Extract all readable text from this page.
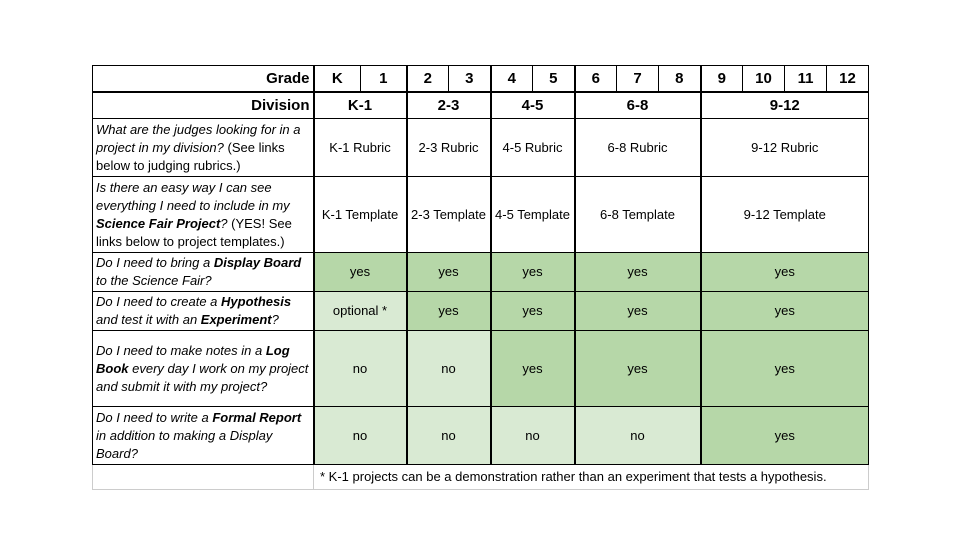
Grade	K	1	2	3	4	5	6	7	8	9	10	11	12
Division	K-1		2-3		4-5		6-8			9-12			
What are the judges looking for in a project in my division? (See links below to judging rubrics.)	K-1 Rubric		2-3 Rubric		4-5 Rubric		6-8 Rubric			9-12 Rubric			
Is there an easy way I can see everything I need to include in my Science Fair Project? (YES! See links below to project templates.)	K-1 Template		2-3 Template		4-5 Template		6-8 Template			9-12 Template			
Do I need to bring a Display Board to the Science Fair?	yes		yes		yes		yes			yes			
Do I need to create a Hypothesis and test it with an Experiment?	optional *		yes		yes		yes			yes			
Do I need to make notes in a Log Book every day I work on my project and submit it with my project?	no		no		yes		yes			yes			
Do I need to write a Formal Report in addition to making a Display Board?	no		no		no		no			yes			
	* K-1 projects can be a demonstration rather than an experiment that tests a hypothesis.												
